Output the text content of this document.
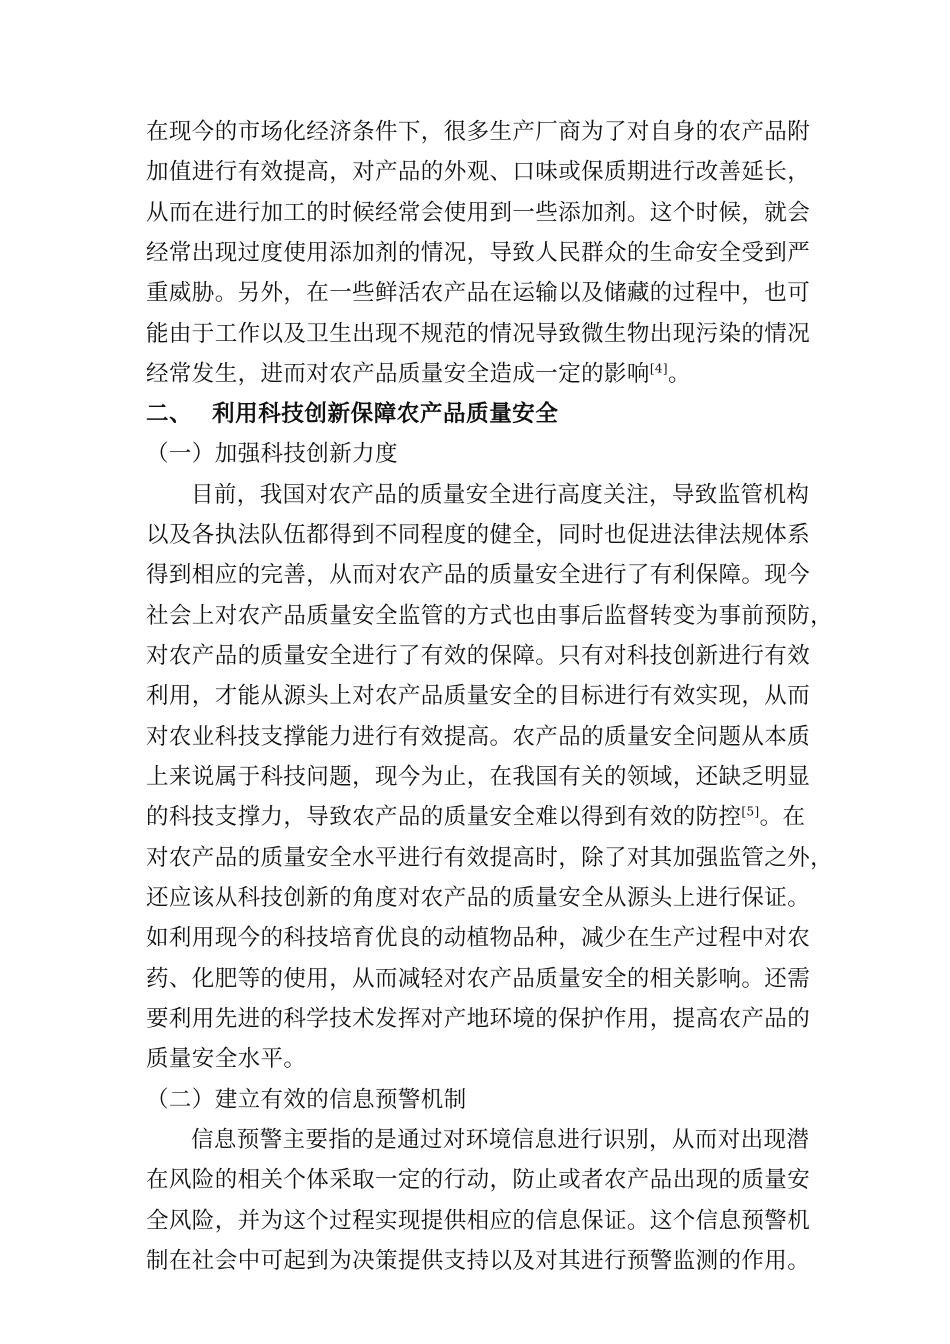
在现今的市场化经济条件下，很多生产厂商为了对自身的农产品附
加值进行有效提高，对产品的外观、口味或保质期进行改善延长，
从而在进行加工的时候经常会使用到一些添加剂。这个时候，就会
经常出现过度使用添加剂的情况，导致人民群众的生命安全受到严
重威胁。另外，在一些鲜活农产品在运输以及储藏的过程中，也可
能由于工作以及卫生出现不规范的情况导致微生物出现污染的情况
经常发生，进而对农产品质量安全造成一定的影响[4]。
二、 利用科技创新保障农产品质量安全
（一）加强科技创新力度
目前，我国对农产品的质量安全进行高度关注，导致监管机构
以及各执法队伍都得到不同程度的健全，同时也促进法律法规体系
得到相应的完善，从而对农产品的质量安全进行了有利保障。现今
社会上对农产品质量安全监管的方式也由事后监督转变为事前预防，
对农产品的质量安全进行了有效的保障。只有对科技创新进行有效
利用，才能从源头上对农产品质量安全的目标进行有效实现，从而
对农业科技支撑能力进行有效提高。农产品的质量安全问题从本质
上来说属于科技问题，现今为止，在我国有关的领域，还缺乏明显
的科技支撑力，导致农产品的质量安全难以得到有效的防控[5]。在
对农产品的质量安全水平进行有效提高时，除了对其加强监管之外，
还应该从科技创新的角度对农产品的质量安全从源头上进行保证。
如利用现今的科技培育优良的动植物品种，减少在生产过程中对农
药、化肥等的使用，从而减轻对农产品质量安全的相关影响。还需
要利用先进的科学技术发挥对产地环境的保护作用，提高农产品的
质量安全水平。
（二）建立有效的信息预警机制
信息预警主要指的是通过对环境信息进行识别，从而对出现潜
在风险的相关个体采取一定的行动，防止或者农产品出现的质量安
全风险，并为这个过程实现提供相应的信息保证。这个信息预警机
制在社会中可起到为决策提供支持以及对其进行预警监测的作用。
